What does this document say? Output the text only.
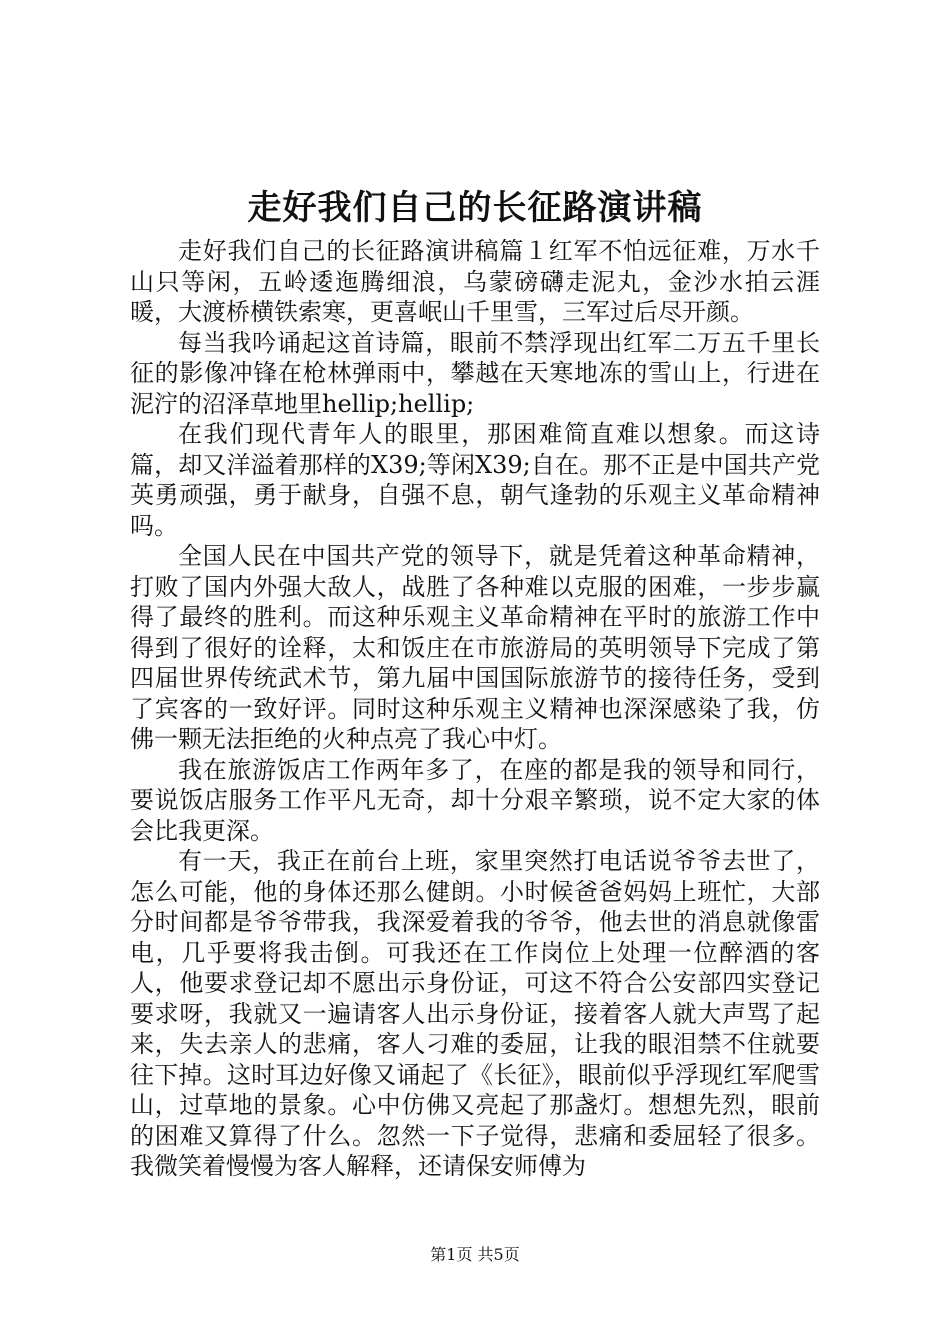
走好我们自己的长征路演讲稿

走好我们自己的长征路演讲稿篇１红军不怕远征难，万水千山只等闲，五岭逶迤腾细浪，乌蒙磅礴走泥丸，金沙水拍云涯暖，大渡桥横铁索寒，更喜岷山千里雪，三军过后尽开颜。

每当我吟诵起这首诗篇，眼前不禁浮现出红军二万五千里长征的影像冲锋在枪林弹雨中，攀越在天寒地冻的雪山上，行进在泥泞的沼泽草地里hellip;hellip;

在我们现代青年人的眼里，那困难简直难以想象。而这诗篇，却又洋溢着那样的X39;等闲X39;自在。那不正是中国共产党英勇顽强，勇于献身，自强不息，朝气逢勃的乐观主义革命精神吗。

全国人民在中国共产党的领导下，就是凭着这种革命精神，打败了国内外强大敌人，战胜了各种难以克服的困难，一步步赢得了最终的胜利。而这种乐观主义革命精神在平时的旅游工作中得到了很好的诠释，太和饭庄在市旅游局的英明领导下完成了第四届世界传统武术节，第九届中国国际旅游节的接待任务，受到了宾客的一致好评。同时这种乐观主义精神也深深感染了我，仿佛一颗无法拒绝的火种点亮了我心中灯。

我在旅游饭店工作两年多了，在座的都是我的领导和同行，要说饭店服务工作平凡无奇，却十分艰辛繁琐，说不定大家的体会比我更深。

有一天，我正在前台上班，家里突然打电话说爷爷去世了，怎么可能，他的身体还那么健朗。小时候爸爸妈妈上班忙，大部分时间都是爷爷带我，我深爱着我的爷爷，他去世的消息就像雷电，几乎要将我击倒。可我还在工作岗位上处理一位醉酒的客人，他要求登记却不愿出示身份证，可这不符合公安部四实登记要求呀，我就又一遍请客人出示身份证，接着客人就大声骂了起来，失去亲人的悲痛，客人刁难的委屈，让我的眼泪禁不住就要往下掉。这时耳边好像又诵起了《长征》，眼前似乎浮现红军爬雪山，过草地的景象。心中仿佛又亮起了那盏灯。想想先烈，眼前的困难又算得了什么。忽然一下子觉得，悲痛和委屈轻了很多。我微笑着慢慢为客人解释，还请保安师傅为

第1页 共5页
